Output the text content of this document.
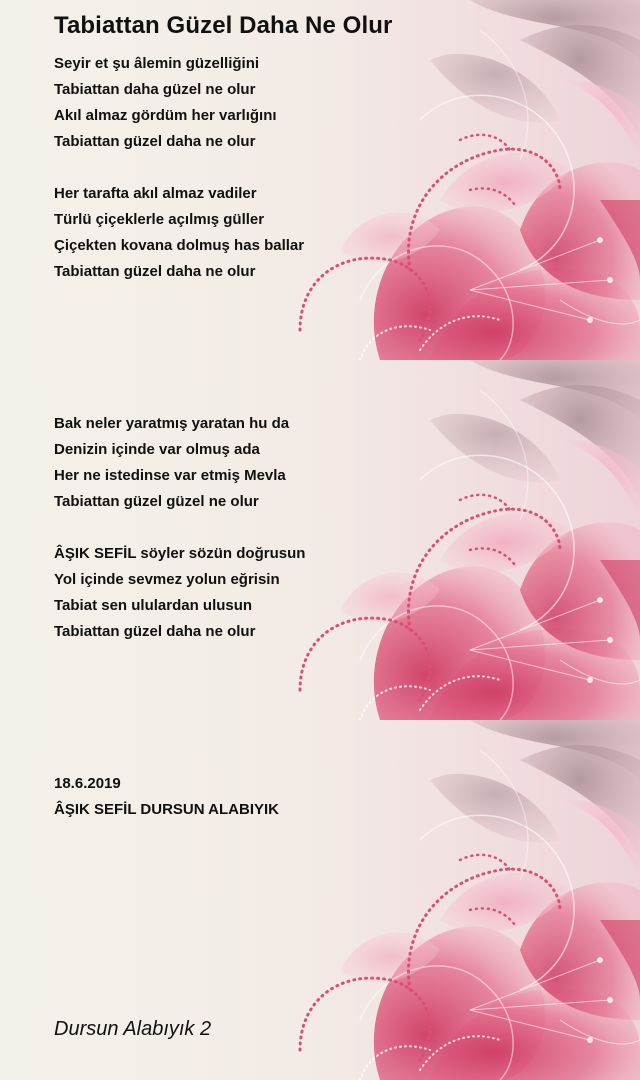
Tabiattan Güzel Daha Ne Olur
Seyir et şu âlemin güzelliğini
Tabiattan daha güzel ne olur
Akıl almaz gördüm her varlığını
Tabiattan güzel daha ne olur
Her tarafta akıl almaz vadiler
Türlü çiçeklerle açılmış güller
Çiçekten kovana dolmuş has ballar
Tabiattan güzel daha ne olur
Bak neler yaratmış yaratan hu da
Denizin içinde var olmuş ada
Her ne istedinse var etmiş Mevla
Tabiattan güzel güzel ne olur
ÂŞIK SEFİL söyler sözün doğrusun
Yol içinde sevmez yolun eğrisin
Tabiat sen ululardan ulusun
Tabiattan güzel daha ne olur
18.6.2019
ÂŞIK SEFİL DURSUN ALABIYIK
Dursun Alabıyık 2
